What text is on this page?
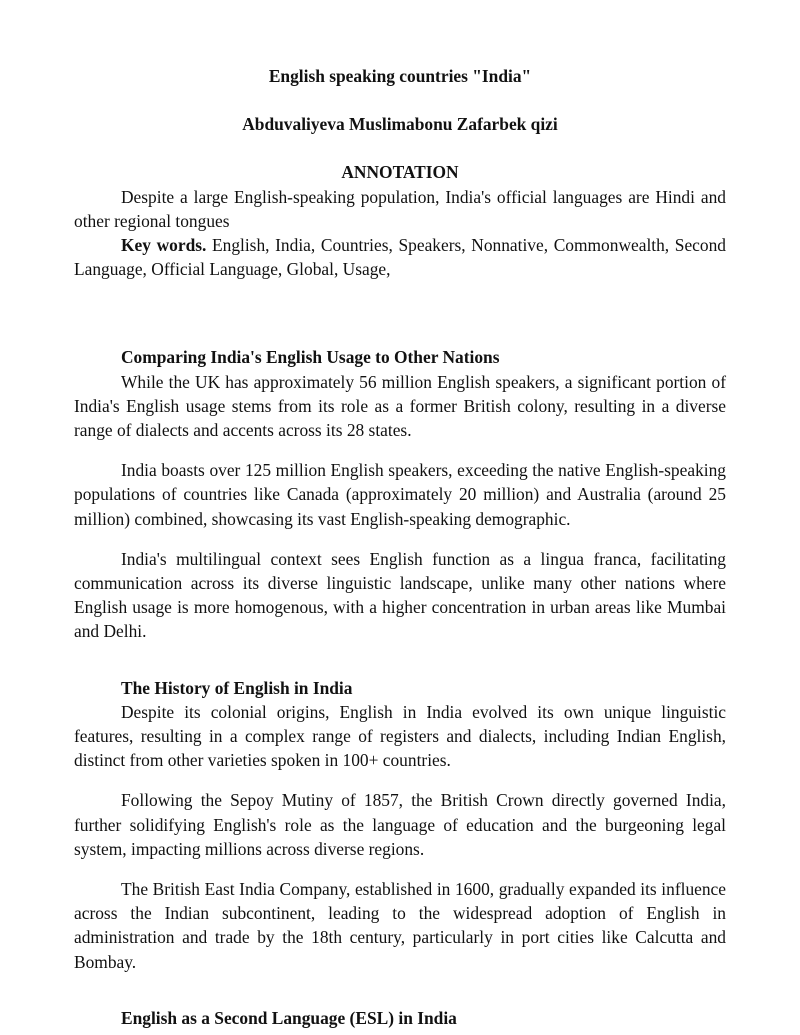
English speaking countries "India"

Abduvaliyeva Muslimabonu Zafarbek qizi

ANNOTATION

Despite a large English-speaking population, India's official languages are Hindi and other regional tongues

Key words. English, India, Countries, Speakers, Nonnative, Commonwealth, Second Language, Official Language, Global, Usage,

Comparing India's English Usage to Other Nations

While the UK has approximately 56 million English speakers, a significant portion of India's English usage stems from its role as a former British colony, resulting in a diverse range of dialects and accents across its 28 states.

India boasts over 125 million English speakers, exceeding the native English-speaking populations of countries like Canada (approximately 20 million) and Australia (around 25 million) combined, showcasing its vast English-speaking demographic.

India's multilingual context sees English function as a lingua franca, facilitating communication across its diverse linguistic landscape, unlike many other nations where English usage is more homogenous, with a higher concentration in urban areas like Mumbai and Delhi.

The History of English in India

Despite its colonial origins, English in India evolved its own unique linguistic features, resulting in a complex range of registers and dialects, including Indian English, distinct from other varieties spoken in 100+ countries.

Following the Sepoy Mutiny of 1857, the British Crown directly governed India, further solidifying English's role as the language of education and the burgeoning legal system, impacting millions across diverse regions.

The British East India Company, established in 1600, gradually expanded its influence across the Indian subcontinent, leading to the widespread adoption of English in administration and trade by the 18th century, particularly in port cities like Calcutta and Bombay.

English as a Second Language (ESL) in India
